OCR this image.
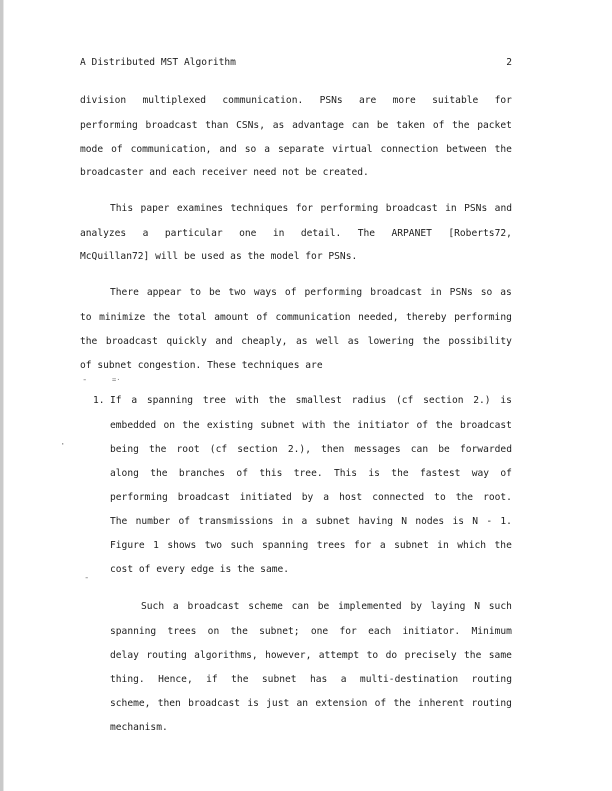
A Distributed MST Algorithm	2
division multiplexed communication. PSNs are more suitable for
performing broadcast than CSNs, as advantage can be taken of the packet
mode of communication, and so a separate virtual connection between the
broadcaster and each receiver need not be created.
This paper examines techniques for performing broadcast in PSNs and
analyzes a particular one in detail. The ARPANET [Roberts72,
McQuillan72] will be used as the model for PSNs.
There appear to be two ways of performing broadcast in PSNs so as
to minimize the total amount of communication needed, thereby performing
the broadcast quickly and cheaply, as well as lowering the possibility
of subnet congestion. These techniques are
1. If a spanning tree with the smallest radius (cf section 2.) is
embedded on the existing subnet with the initiator of the broadcast
being the root (cf section 2.), then messages can be forwarded
along the branches of this tree. This is the fastest way of
performing broadcast initiated by a host connected to the root.
The number of transmissions in a subnet having N nodes is N - 1.
Figure 1 shows two such spanning trees for a subnet in which the
cost of every edge is the same.
Such a broadcast scheme can be implemented by laying N such
spanning trees on the subnet; one for each initiator. Minimum
delay routing algorithms, however, attempt to do precisely the same
thing. Hence, if the subnet has a multi-destination routing
scheme, then broadcast is just an extension of the inherent routing
mechanism.
-
·
-
=·
